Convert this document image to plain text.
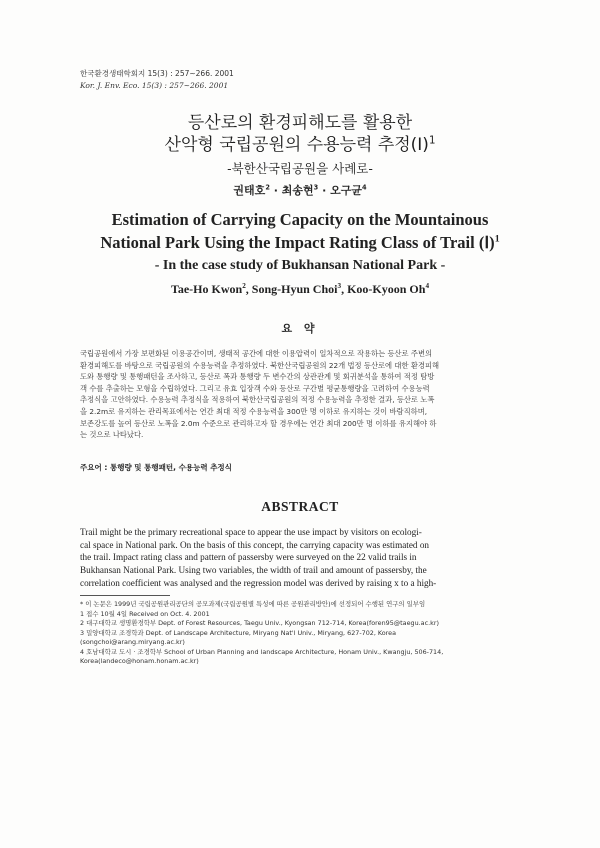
한국환경생태학회지 15(3) : 257~266. 2001
Kor. J. Env. Eco. 15(3) : 257~266. 2001
등산로의 환경피해도를 활용한
산악형 국립공원의 수용능력 추정(Ⅰ)$^1$
-북한산국립공원을 사례로-
권태호$^2$ · 최송현$^3$ · 오구균$^4$
Estimation of Carrying Capacity on the Mountainous
National Park Using the Impact Rating Class of Trail (Ⅰ)$^1$
- In the case study of Bukhansan National Park -
Tae-Ho Kwon$^2$, Song-Hyun Choi$^3$, Koo-Kyoon Oh$^4$
요 약
국립공원에서 가장 보편화된 이용공간이며, 생태적 공간에 대한 이용압력이 일차적으로 작용하는 등산로 주변의
환경피해도를 바탕으로 국립공원의 수용능력을 추정하였다. 북한산국립공원의 22개 법정 등산로에 대한 환경피해
도와 통행량 및 통행패턴을 조사하고, 등산로 폭과 통행량 두 변수간의 상관관계 및 회귀분석을 통하여 적정 탐방
객 수를 추출하는 모형을 수립하였다. 그리고 유효 입장객 수와 등산로 구간별 평균통행량을 고려하여 수용능력
추정식을 고안하였다. 수용능력 추정식을 적용하여 북한산국립공원의 적정 수용능력을 추정한 결과, 등산로 노폭
을 2.2m로 유지하는 관리목표에서는 연간 최대 적정 수용능력을 300만 명 이하로 유지하는 것이 바람직하며,
보존강도를 높여 등산로 노폭을 2.0m 수준으로 관리하고자 할 경우에는 연간 최대 200만 명 이하를 유지해야 하
는 것으로 나타났다.
주요어 : 통행량 및 통행패턴, 수용능력 추정식
ABSTRACT
Trail might be the primary recreational space to appear the use impact by visitors on ecologi-
cal space in National park. On the basis of this concept, the carrying capacity was estimated on
the trail. Impact rating class and pattern of passersby were surveyed on the 22 valid trails in
Bukhansan National Park. Using two variables, the width of trail and amount of passersby, the
correlation coefficient was analysed and the regression model was derived by raising x to a high-
* 이 논문은 1999년 국립공원관리공단의 공모과제(국립공원별 특성에 따른 공원관리방안)에 선정되어 수행된 연구의 일부임
1 접수 10월 4일 Received on Oct. 4. 2001
2 대구대학교 생명환경학부 Dept. of Forest Resources, Taegu Univ., Kyongsan 712-714, Korea(foren95@taegu.ac.kr)
3 밀양대학교 조경학과 Dept. of Landscape Architecture, Miryang Nat'l Univ., Miryang, 627-702, Korea
(songchoi@arang.miryang.ac.kr)
4 호남대학교 도시 · 조경학부 School of Urban Planning and landscape Architecture, Honam Univ., Kwangju, 506-714,
Korea(landeco@honam.honam.ac.kr)
